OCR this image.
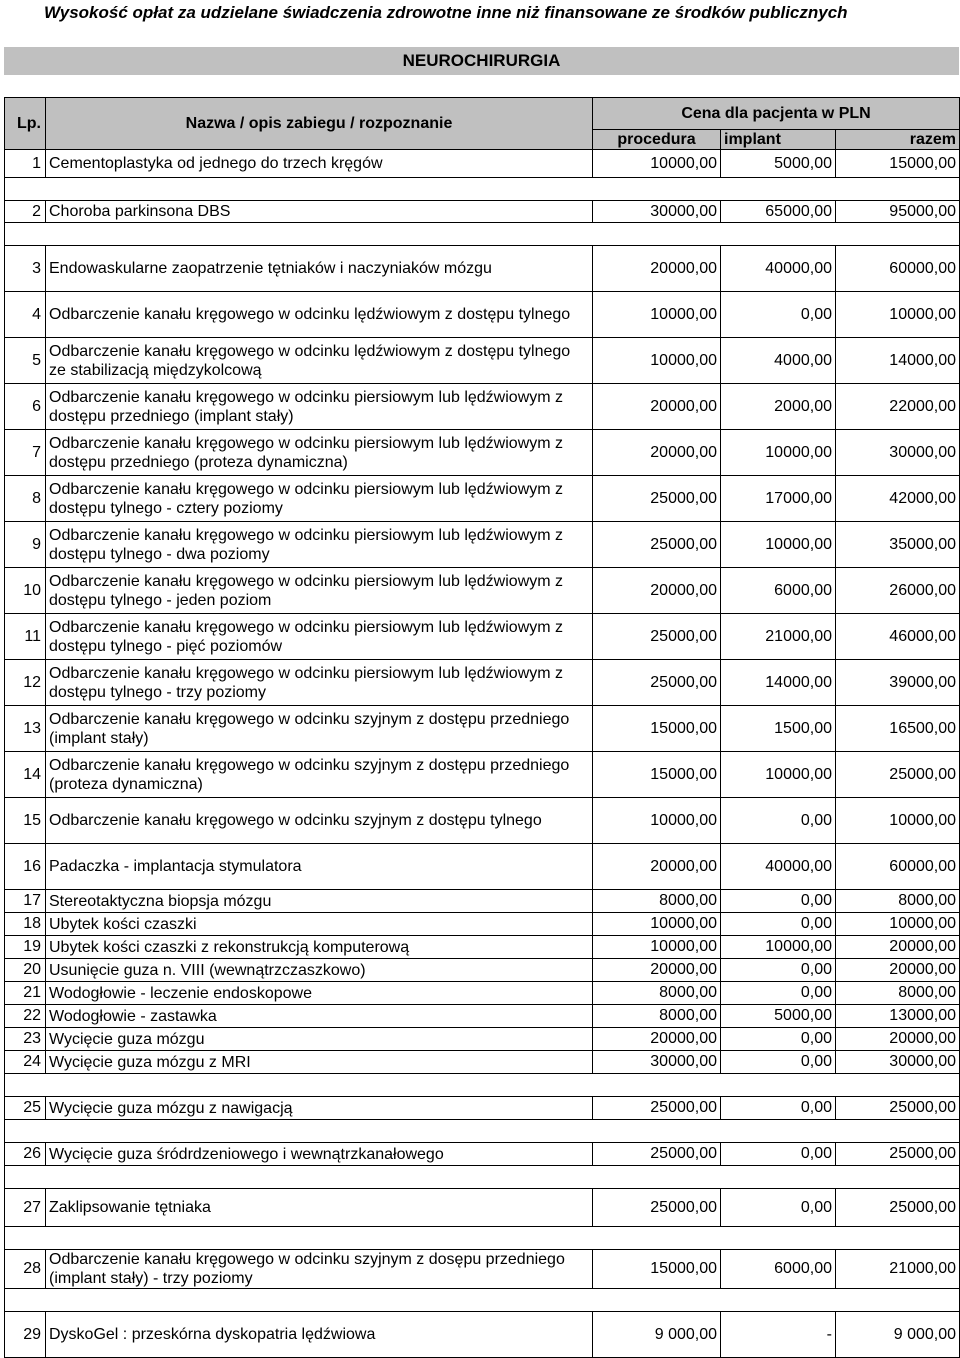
Wysokość opłat za udzielane świadczenia zdrowotne inne niż finansowane ze środków publicznych
NEUROCHIRURGIA
Lp.	Nazwa / opis zabiegu / rozpoznanie	Cena dla pacjenta w PLN		
		procedura	implant	razem
1	Cementoplastyka od jednego do trzech kręgów	10000,00	5000,00	15000,00

2	Choroba parkinsona DBS	30000,00	65000,00	95000,00

3	Endowaskularne zaopatrzenie tętniaków i naczyniaków mózgu	20000,00	40000,00	60000,00
4	Odbarczenie kanału kręgowego w odcinku lędźwiowym z dostępu tylnego	10000,00	0,00	10000,00
5	Odbarczenie kanału kręgowego w odcinku lędźwiowym z dostępu tylnego ze stabilizacją międzykolcową	10000,00	4000,00	14000,00
6	Odbarczenie kanału kręgowego w odcinku piersiowym lub lędźwiowym z dostępu przedniego (implant stały)	20000,00	2000,00	22000,00
7	Odbarczenie kanału kręgowego w odcinku piersiowym lub lędźwiowym z dostępu przedniego (proteza dynamiczna)	20000,00	10000,00	30000,00
8	Odbarczenie kanału kręgowego w odcinku piersiowym lub lędźwiowym z dostępu tylnego - cztery poziomy	25000,00	17000,00	42000,00
9	Odbarczenie kanału kręgowego w odcinku piersiowym lub lędźwiowym z dostępu tylnego - dwa poziomy	25000,00	10000,00	35000,00
10	Odbarczenie kanału kręgowego w odcinku piersiowym lub lędźwiowym z dostępu tylnego - jeden poziom	20000,00	6000,00	26000,00
11	Odbarczenie kanału kręgowego w odcinku piersiowym lub lędźwiowym z dostępu tylnego - pięć poziomów	25000,00	21000,00	46000,00
12	Odbarczenie kanału kręgowego w odcinku piersiowym lub lędźwiowym z dostępu tylnego - trzy poziomy	25000,00	14000,00	39000,00
13	Odbarczenie kanału kręgowego w odcinku szyjnym z dostępu przedniego (implant stały)	15000,00	1500,00	16500,00
14	Odbarczenie kanału kręgowego w odcinku szyjnym z dostępu przedniego (proteza dynamiczna)	15000,00	10000,00	25000,00
15	Odbarczenie kanału kręgowego w odcinku szyjnym z dostępu tylnego	10000,00	0,00	10000,00
16	Padaczka - implantacja stymulatora	20000,00	40000,00	60000,00
17	Stereotaktyczna biopsja mózgu	8000,00	0,00	8000,00
18	Ubytek kości czaszki	10000,00	0,00	10000,00
19	Ubytek kości czaszki z rekonstrukcją komputerową	10000,00	10000,00	20000,00
20	Usunięcie guza n. VIII (wewnątrzczaszkowo)	20000,00	0,00	20000,00
21	Wodogłowie - leczenie endoskopowe	8000,00	0,00	8000,00
22	Wodogłowie - zastawka	8000,00	5000,00	13000,00
23	Wycięcie guza mózgu	20000,00	0,00	20000,00
24	Wycięcie guza mózgu z MRI	30000,00	0,00	30000,00

25	Wycięcie guza mózgu z nawigacją	25000,00	0,00	25000,00

26	Wycięcie guza śródrdzeniowego i wewnątrzkanałowego	25000,00	0,00	25000,00

27	Zaklipsowanie tętniaka	25000,00	0,00	25000,00

28	Odbarczenie kanału kręgowego w odcinku szyjnym z dosępu przedniego (implant stały) - trzy poziomy	15000,00	6000,00	21000,00

29	DyskoGel : przeskórna dyskopatria lędźwiowa	9 000,00	-	9 000,00
